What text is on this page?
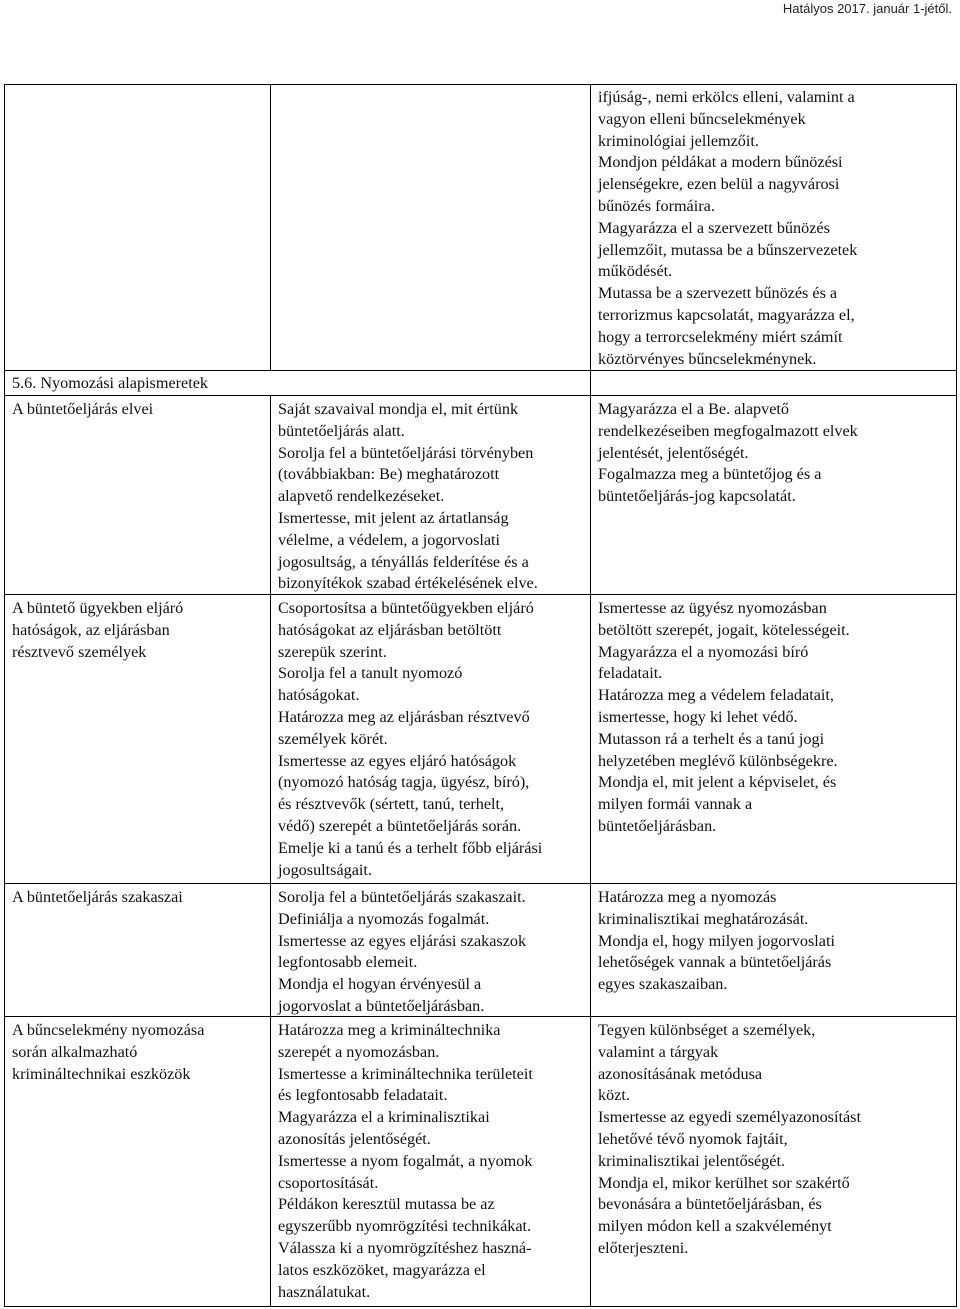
Hatályos 2017. január 1-jétől.
ifjúság-, nemi erkölcs elleni, valamint a
vagyon elleni bűncselekmények
kriminológiai jellemzőit.
Mondjon példákat a modern bűnözési
jelenségekre, ezen belül a nagyvárosi
bűnözés formáira.
Magyarázza el a szervezett bűnözés
jellemzőit, mutassa be a bűnszervezetek
működését.
Mutassa be a szervezett bűnözés és a
terrorizmus kapcsolatát, magyarázza el,
hogy a terrorcselekmény miért számít
köztörvényes bűncselekménynek.
5.6. Nyomozási alapismeretek
A büntetőeljárás elvei	Saját szavaival mondja el, mit értünk
büntetőeljárás alatt.
Sorolja fel a büntetőeljárási törvényben
(továbbiakban: Be) meghatározott
alapvető rendelkezéseket.
Ismertesse, mit jelent az ártatlanság
vélelme, a védelem, a jogorvoslati
jogosultság, a tényállás felderítése és a
bizonyítékok szabad értékelésének elve.
Magyarázza el a Be. alapvető
rendelkezéseiben megfogalmazott elvek
jelentését, jelentőségét.
Fogalmazza meg a büntetőjog és a
büntetőeljárás-jog kapcsolatát.
A büntető ügyekben eljáró
hatóságok, az eljárásban
résztvevő személyek
Csoportosítsa a büntetőügyekben eljáró
hatóságokat az eljárásban betöltött
szerepük szerint.
Sorolja fel a tanult nyomozó
hatóságokat.
Határozza meg az eljárásban résztvevő
személyek körét.
Ismertesse az egyes eljáró hatóságok
(nyomozó hatóság tagja, ügyész, bíró),
és résztvevők (sértett, tanú, terhelt,
védő) szerepét a büntetőeljárás során.
Emelje ki a tanú és a terhelt főbb eljárási
jogosultságait.
Ismertesse az ügyész nyomozásban
betöltött szerepét, jogait, kötelességeit.
Magyarázza el a nyomozási bíró
feladatait.
Határozza meg a védelem feladatait,
ismertesse, hogy ki lehet védő.
Mutasson rá a terhelt és a tanú jogi
helyzetében meglévő különbségekre.
Mondja el, mit jelent a képviselet, és
milyen formái vannak a
büntetőeljárásban.
A büntetőeljárás szakaszai	Sorolja fel a büntetőeljárás szakaszait.
Definiálja a nyomozás fogalmát.
Ismertesse az egyes eljárási szakaszok
legfontosabb elemeit.
Mondja el hogyan érvényesül a
jogorvoslat a büntetőeljárásban.
Határozza meg a nyomozás
kriminalisztikai meghatározását.
Mondja el, hogy milyen jogorvoslati
lehetőségek vannak a büntetőeljárás
egyes szakaszaiban.
A bűncselekmény nyomozása
során alkalmazható
krimináltechnikai eszközök
Határozza meg a krimináltechnika
szerepét a nyomozásban.
Ismertesse a krimináltechnika területeit
és legfontosabb feladatait.
Magyarázza el a kriminalisztikai
azonosítás jelentőségét.
Ismertesse a nyom fogalmát, a nyomok
csoportosítását.
Példákon keresztül mutassa be az
egyszerűbb nyomrögzítési technikákat.
Válassza ki a nyomrögzítéshez haszná-
latos eszközöket, magyarázza el
használatukat.
Tegyen különbséget a személyek,
valamint a tárgyak
azonosításának metódusa
közt.
Ismertesse az egyedi személyazonosítást
lehetővé tévő nyomok fajtáit,
kriminalisztikai jelentőségét.
Mondja el, mikor kerülhet sor szakértő
bevonására a büntetőeljárásban, és
milyen módon kell a szakvéleményt
előterjeszteni.
